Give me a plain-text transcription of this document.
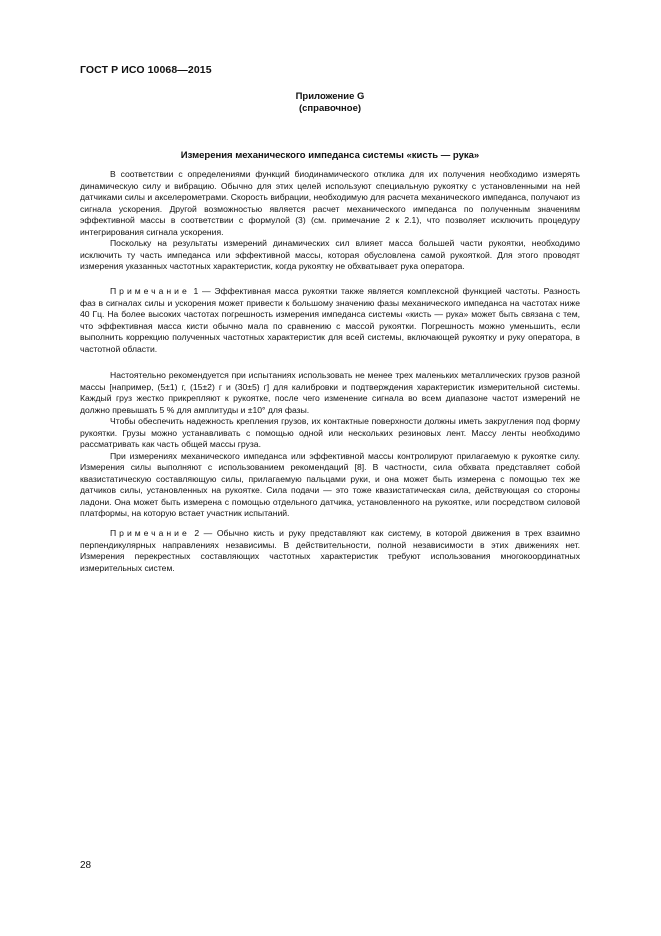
ГОСТ Р ИСО 10068—2015
Приложение G
(справочное)
Измерения механического импеданса системы «кисть — рука»

В соответствии с определениями функций биодинамического отклика для их получения необходимо измерять динамическую силу и вибрацию. Обычно для этих целей используют специальную рукоятку с установленными на ней датчиками силы и акселерометрами. Скорость вибрации, необходимую для расчета механического импеданса, получают из сигнала ускорения. Другой возможностью является расчет механического импеданса по полученным значениям эффективной массы в соответствии с формулой (3) (см. примечание 2 к 2.1), что позволяет исключить процедуру интегрирования сигнала ускорения.

Поскольку на результаты измерений динамических сил влияет масса большей части рукоятки, необходимо исключить ту часть импеданса или эффективной массы, которая обусловлена самой рукояткой. Для этого проводят измерения указанных частотных характеристик, когда рукоятку не обхватывает рука оператора.

Примечание 1 — Эффективная масса рукоятки также является комплексной функцией частоты. Разность фаз в сигналах силы и ускорения может привести к большому значению фазы механического импеданса на частотах ниже 40 Гц. На более высоких частотах погрешность измерения импеданса системы «кисть — рука» может быть связана с тем, что эффективная масса кисти обычно мала по сравнению с массой рукоятки. Погрешность можно уменьшить, если выполнить коррекцию полученных частотных характеристик для всей системы, включающей рукоятку и руку оператора, в частотной области.

Настоятельно рекомендуется при испытаниях использовать не менее трех маленьких металлических грузов разной массы [например, (5±1) г, (15±2) г и (30±5) г] для калибровки и подтверждения характеристик измерительной системы. Каждый груз жестко прикрепляют к рукоятке, после чего изменение сигнала во всем диапазоне частот измерений не должно превышать 5 % для амплитуды и ±10° для фазы.

Чтобы обеспечить надежность крепления грузов, их контактные поверхности должны иметь закругления под форму рукоятки. Грузы можно устанавливать с помощью одной или нескольких резиновых лент. Массу ленты необходимо рассматривать как часть общей массы груза.

При измерениях механического импеданса или эффективной массы контролируют прилагаемую к рукоятке силу. Измерения силы выполняют с использованием рекомендаций [8]. В частности, сила обхвата представляет собой квазистатическую составляющую силы, прилагаемую пальцами руки, и она может быть измерена с помощью тех же датчиков силы, установленных на рукоятке. Сила подачи — это тоже квазистатическая сила, действующая со стороны ладони. Она может быть измерена с помощью отдельного датчика, установленного на рукоятке, или посредством силовой платформы, на которую встает участник испытаний.

Примечание 2 — Обычно кисть и руку представляют как систему, в которой движения в трех взаимно перпендикулярных направлениях независимы. В действительности, полной независимости в этих движениях нет. Измерения перекрестных составляющих частотных характеристик требуют использования многокоординатных измерительных систем.

28
